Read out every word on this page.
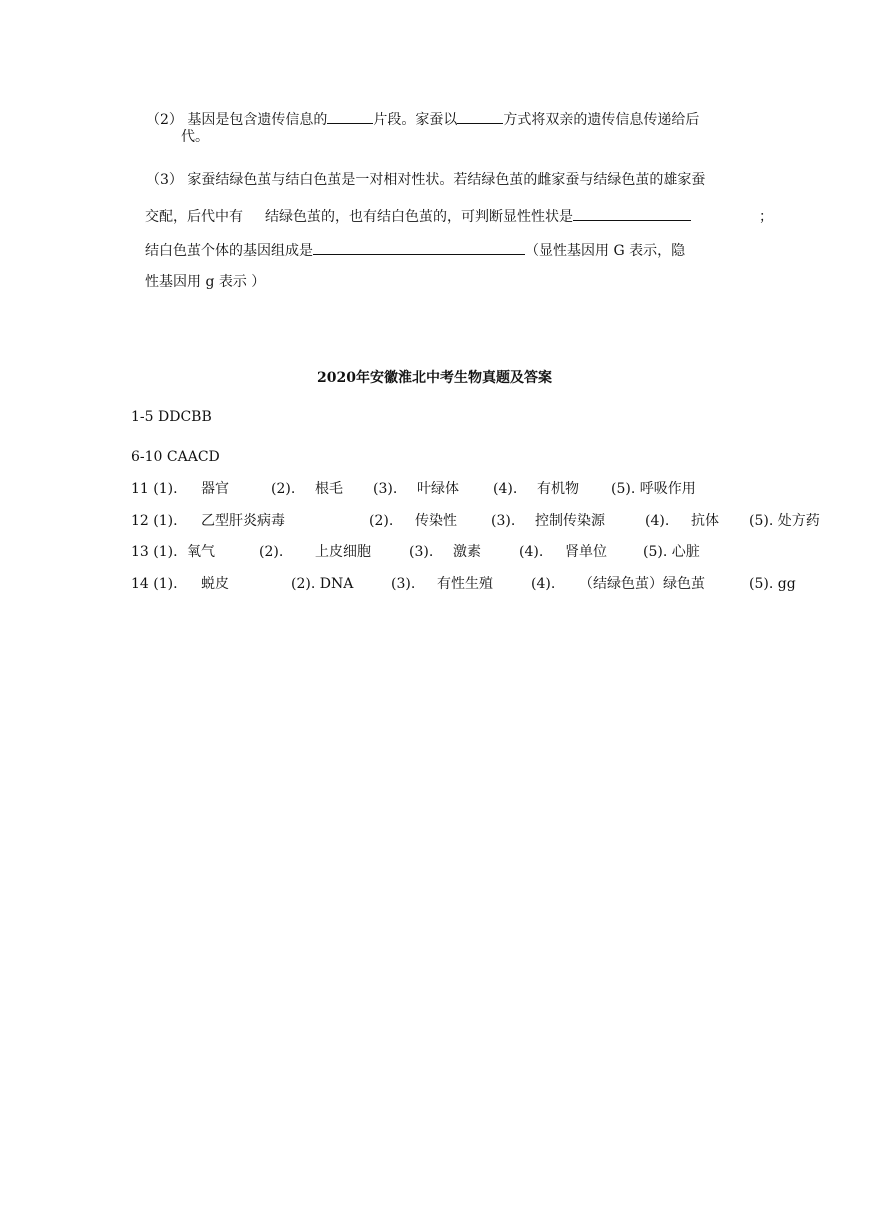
（2） 基因是包含遗传信息的	片段。家蚕以	方式将双亲的遗传信息传递给后
代。
（3） 家蚕结绿色茧与结白色茧是一对相对性状。若结绿色茧的雌家蚕与结绿色茧的雄家蚕
交配，后代中有 结绿色茧的，也有结白色茧的，可判断显性性状是	；
结白色茧个体的基因组成是	（显性基因用 G 表示，隐
性基因用 g 表示 ）
2020年安徽淮北中考生物真题及答案
1-5 DDCBB
6-10 CAACD
11 (1). 器官	(2). 根毛 (3). 叶绿体 (4). 有机物 (5). 呼吸作用
12 (1). 乙型肝炎病毒	(2). 传染性 (3). 控制传染源	(4). 抗体 (5). 处方药
13 (1). 氧气	(2). 上皮细胞	(3). 激素	(4). 肾单位	(5). 心脏
14 (1). 蜕皮	(2). DNA	(3). 有性生殖	(4). （结绿色茧）绿色茧	(5). gg
